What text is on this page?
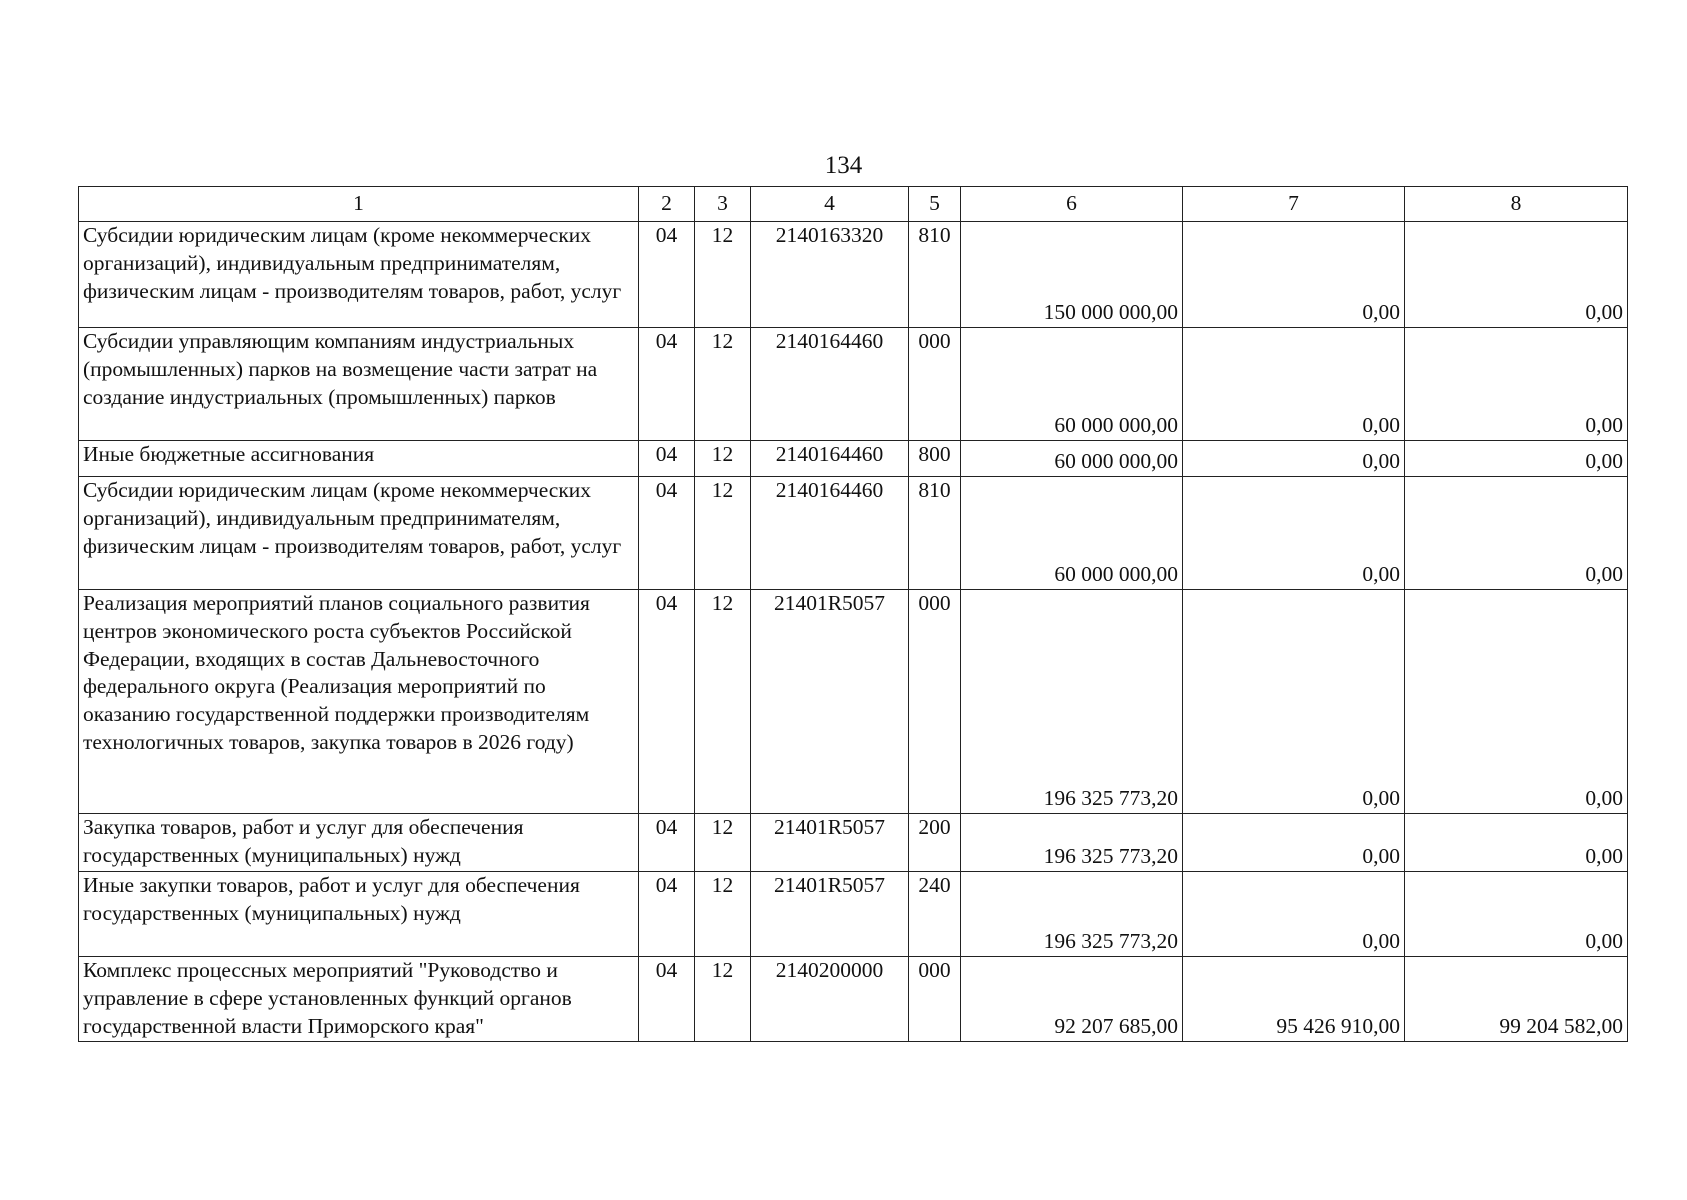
134
1	2	3	4	5	6	7	8
Субсидии юридическим лицам (кроме некоммерческих организаций), индивидуальным предпринимателям, физическим лицам - производителям товаров, работ, услуг	04	12	2140163320	810	150 000 000,00	0,00	0,00
Субсидии управляющим компаниям индустриальных (промышленных) парков на возмещение части затрат на создание индустриальных (промышленных) парков	04	12	2140164460	000	60 000 000,00	0,00	0,00
Иные бюджетные ассигнования	04	12	2140164460	800	60 000 000,00	0,00	0,00
Субсидии юридическим лицам (кроме некоммерческих организаций), индивидуальным предпринимателям, физическим лицам - производителям товаров, работ, услуг	04	12	2140164460	810	60 000 000,00	0,00	0,00
Реализация мероприятий планов социального развития центров экономического роста субъектов Российской Федерации, входящих в состав Дальневосточного федерального округа (Реализация мероприятий по оказанию государственной поддержки производителям технологичных товаров, закупка товаров в 2026 году)	04	12	21401R5057	000	196 325 773,20	0,00	0,00
Закупка товаров, работ и услуг для обеспечения государственных (муниципальных) нужд	04	12	21401R5057	200	196 325 773,20	0,00	0,00
Иные закупки товаров, работ и услуг для обеспечения государственных (муниципальных) нужд	04	12	21401R5057	240	196 325 773,20	0,00	0,00
Комплекс процессных мероприятий "Руководство и управление в сфере установленных функций органов государственной власти Приморского края"	04	12	2140200000	000	92 207 685,00	95 426 910,00	99 204 582,00
